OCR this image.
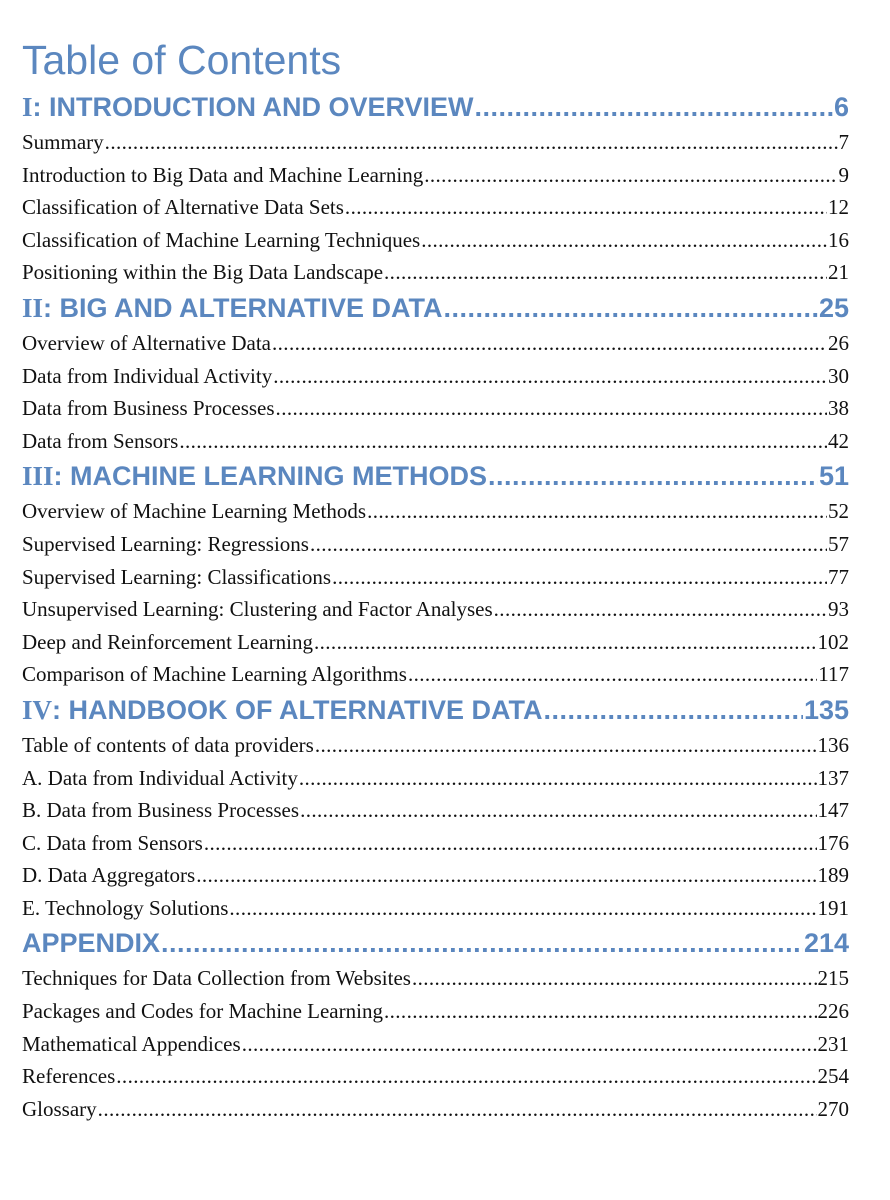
Table of Contents
I: INTRODUCTION AND OVERVIEW .....	6
Summary .....	7
Introduction to Big Data and Machine Learning .....	9
Classification of Alternative Data Sets .....	12
Classification of Machine Learning Techniques .....	16
Positioning within the Big Data Landscape .....	21
II: BIG AND ALTERNATIVE DATA .....	25
Overview of Alternative Data .....	26
Data from Individual Activity .....	30
Data from Business Processes .....	38
Data from Sensors .....	42
III: MACHINE LEARNING METHODS .....	51
Overview of Machine Learning Methods .....	52
Supervised Learning: Regressions .....	57
Supervised Learning: Classifications .....	77
Unsupervised Learning: Clustering and Factor Analyses .....	93
Deep and Reinforcement Learning .....	102
Comparison of Machine Learning Algorithms .....	117
IV: HANDBOOK OF ALTERNATIVE DATA .....	135
Table of contents of data providers .....	136
A. Data from Individual Activity .....	137
B. Data from Business Processes .....	147
C. Data from Sensors .....	176
D. Data Aggregators .....	189
E. Technology Solutions .....	191
APPENDIX .....	214
Techniques for Data Collection from Websites .....	215
Packages and Codes for Machine Learning .....	226
Mathematical Appendices .....	231
References .....	254
Glossary .....	270
